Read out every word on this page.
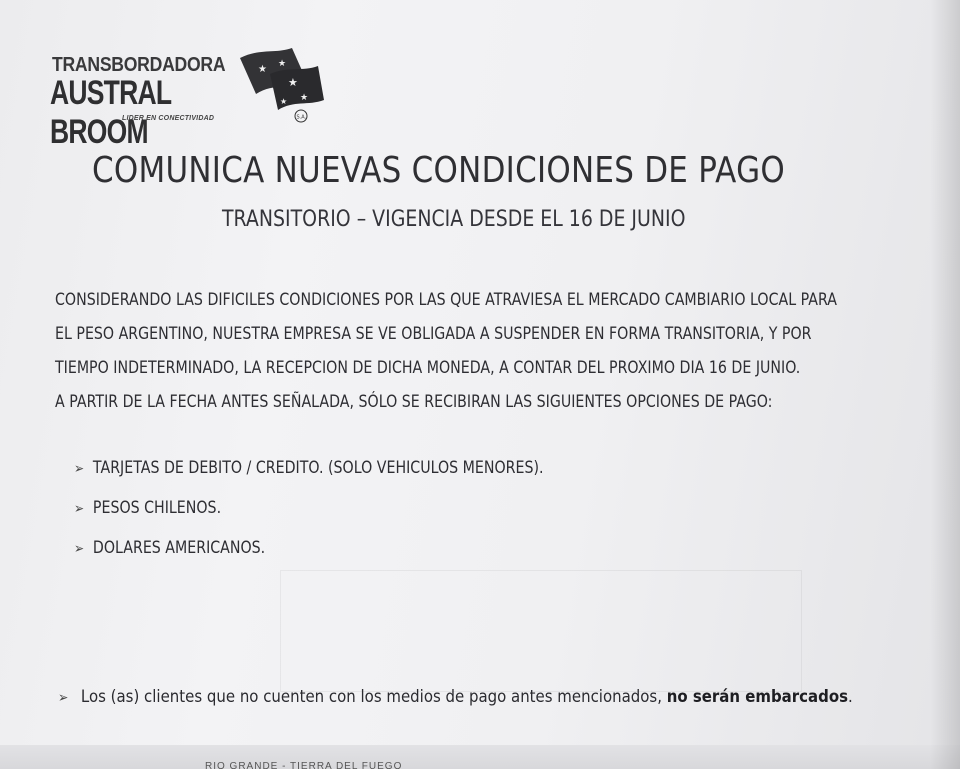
TRANSBORDADORA
AUSTRAL BROOM
LIDER EN CONECTIVIDAD
★ ★
★
★
★
S.A.
COMUNICA NUEVAS CONDICIONES DE PAGO
TRANSITORIO – VIGENCIA DESDE EL 16 DE JUNIO
CONSIDERANDO LAS DIFICILES CONDICIONES POR LAS QUE ATRAVIESA EL MERCADO CAMBIARIO LOCAL PARA
EL PESO ARGENTINO, NUESTRA EMPRESA SE VE OBLIGADA A SUSPENDER EN FORMA TRANSITORIA, Y POR
TIEMPO INDETERMINADO, LA RECEPCION DE DICHA MONEDA, A CONTAR DEL PROXIMO DIA 16 DE JUNIO.
A PARTIR DE LA FECHA ANTES SEÑALADA, SÓLO SE RECIBIRAN LAS SIGUIENTES OPCIONES DE PAGO:
➢ TARJETAS DE DEBITO / CREDITO. (SOLO VEHICULOS MENORES).
➢ PESOS CHILENOS.
➢ DOLARES AMERICANOS.
➢ Los (as) clientes que no cuenten con los medios de pago antes mencionados, no serán embarcados.
RIO GRANDE - TIERRA DEL FUEGO
